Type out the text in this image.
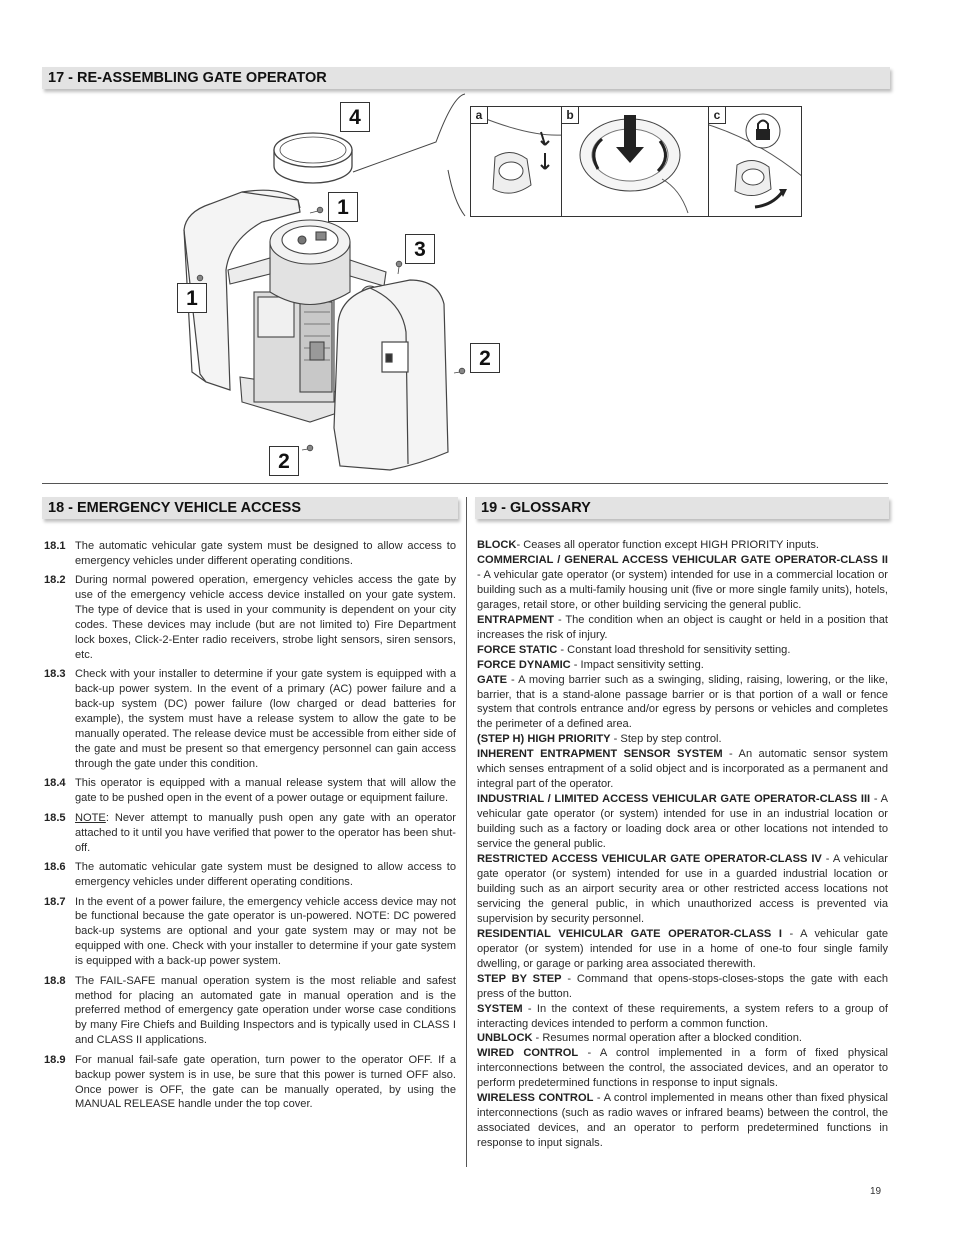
17 - RE-ASSEMBLING GATE OPERATOR
4
1
3
1
2
2
a	b	c
18 - EMERGENCY VEHICLE ACCESS	19 - GLOSSARY
18.1 The automatic vehicular gate system must be designed to allow access to emergency vehicles under different operating conditions.
18.2 During normal powered operation, emergency vehicles access the gate by use of the emergency vehicle access device installed on your gate system. The type of device that is used in your community is dependent on your city codes. These devices may include (but are not limited to) Fire Department lock boxes, Click-2-Enter radio receivers, strobe light sensors, siren sensors, etc.
18.3 Check with your installer to determine if your gate system is equipped with a back-up power system. In the event of a primary (AC) power failure and a back-up system (DC) power failure (low charged or dead batteries for example), the system must have a release system to allow the gate to be manually operated. The release device must be accessible from either side of the gate and must be present so that emergency personnel can gain access through the gate under this condition.
18.4 This operator is equipped with a manual release system that will allow the gate to be pushed open in the event of a power outage or equipment failure.
18.5 NOTE: Never attempt to manually push open any gate with an operator attached to it until you have verified that power to the operator has been shut-off.
18.6 The automatic vehicular gate system must be designed to allow access to emergency vehicles under different operating conditions.
18.7 In the event of a power failure, the emergency vehicle access device may not be functional because the gate operator is un-powered. NOTE: DC powered back-up systems are optional and your gate system may or may not be equipped with one. Check with your installer to determine if your gate system is equipped with a back-up power system.
18.8 The FAIL-SAFE manual operation system is the most reliable and safest method for placing an automated gate in manual operation and is the preferred method of emergency gate operation under worse case conditions by many Fire Chiefs and Building Inspectors and is typically used in CLASS I and CLASS II applications.
18.9 For manual fail-safe gate operation, turn power to the operator OFF. If a backup power system is in use, be sure that this power is turned OFF also. Once power is OFF, the gate can be manually operated, by using the MANUAL RELEASE handle under the top cover.
BLOCK- Ceases all operator function except HIGH PRIORITY inputs.
COMMERCIAL / GENERAL ACCESS VEHICULAR GATE OPERATOR-CLASS II - A vehicular gate operator (or system) intended for use in a commercial location or building such as a multi-family housing unit (five or more single family units), hotels, garages, retail store, or other building servicing the general public.
ENTRAPMENT - The condition when an object is caught or held in a position that increases the risk of injury.
FORCE STATIC - Constant load threshold for sensitivity setting.
FORCE DYNAMIC - Impact sensitivity setting.
GATE - A moving barrier such as a swinging, sliding, raising, lowering, or the like, barrier, that is a stand-alone passage barrier or is that portion of a wall or fence system that controls entrance and/or egress by persons or vehicles and completes the perimeter of a defined area.
(STEP H) HIGH PRIORITY - Step by step control.
INHERENT ENTRAPMENT SENSOR SYSTEM - An automatic sensor system which senses entrapment of a solid object and is incorporated as a permanent and integral part of the operator.
INDUSTRIAL / LIMITED ACCESS VEHICULAR GATE OPERATOR-CLASS III - A vehicular gate operator (or system) intended for use in an industrial location or building such as a factory or loading dock area or other locations not intended to service the general public.
RESTRICTED ACCESS VEHICULAR GATE OPERATOR-CLASS IV - A vehicular gate operator (or system) intended for use in a guarded industrial location or building such as an airport security area or other restricted access locations not servicing the general public, in which unauthorized access is prevented via supervision by security personnel.
RESIDENTIAL VEHICULAR GATE OPERATOR-CLASS I - A vehicular gate operator (or system) intended for use in a home of one-to four single family dwelling, or garage or parking area associated therewith.
STEP BY STEP - Command that opens-stops-closes-stops the gate with each press of the button.
SYSTEM - In the context of these requirements, a system refers to a group of interacting devices intended to perform a common function.
UNBLOCK - Resumes normal operation after a blocked condition.
WIRED CONTROL - A control implemented in a form of fixed physical interconnections between the control, the associated devices, and an operator to perform predetermined functions in response to input signals.
WIRELESS CONTROL - A control implemented in means other than fixed physical interconnections (such as radio waves or infrared beams) between the control, the associated devices, and an operator to perform predetermined functions in response to input signals.
19
